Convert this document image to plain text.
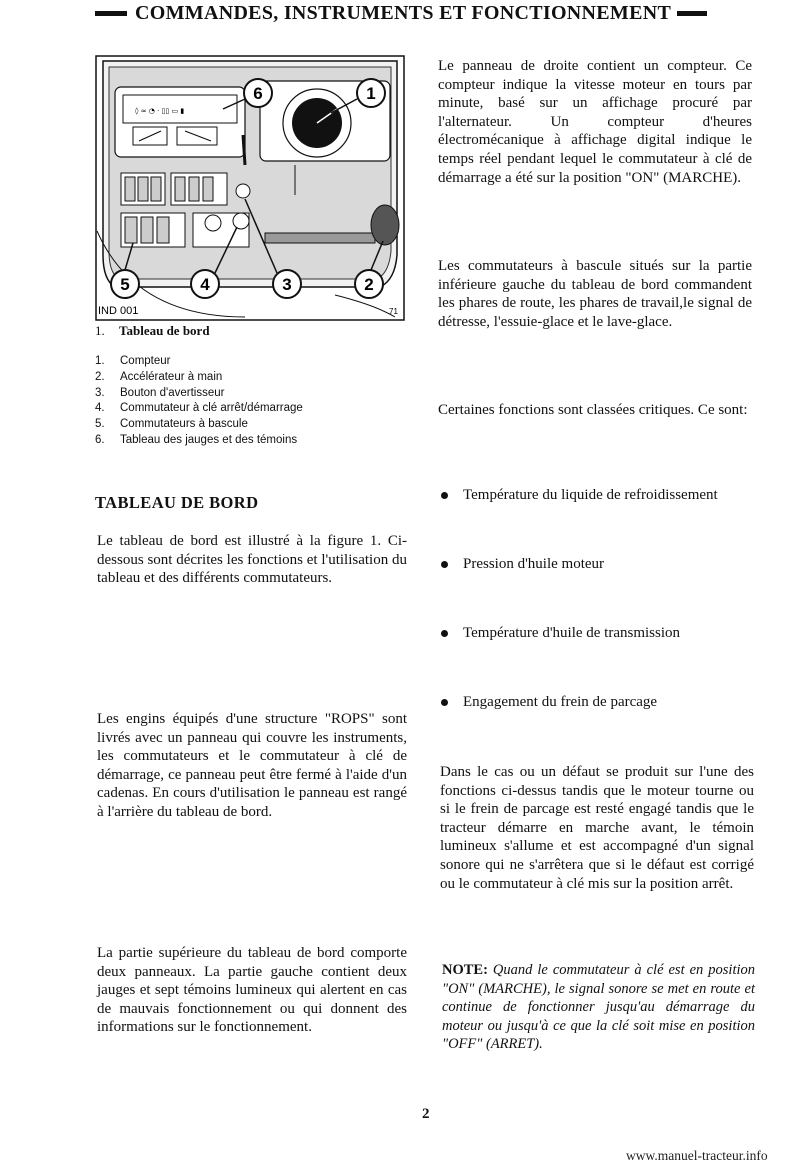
COMMANDES, INSTRUMENTS ET FONCTIONNEMENT
◊ ≈ ◔ · ▯▯ ▭ ▮
6	1
5	4	3	2
IND 001	71
1. Tableau de bord
1.	Compteur
2.	Accélérateur à main
3.	Bouton d'avertisseur
4.	Commutateur à clé arrêt/démarrage
5.	Commutateurs à bascule
6.	Tableau des jauges et des témoins
TABLEAU DE BORD

Le tableau de bord est illustré à la figure 1. Ci-dessous sont décrites les fonctions et l'utilisation du tableau et des différents commutateurs.

Les engins équipés d'une structure "ROPS" sont livrés avec un panneau qui couvre les instruments, les commutateurs et le commutateur à clé de démarrage, ce panneau peut être fermé à l'aide d'un cadenas. En cours d'utilisation le panneau est rangé à l'arrière du tableau de bord.

La partie supérieure du tableau de bord comporte deux panneaux. La partie gauche contient deux jauges et sept témoins lumineux qui alertent en cas de mauvais fonctionnement ou qui donnent des informations sur le fonctionnement.

Le panneau de droite contient un compteur. Ce compteur indique la vitesse moteur en tours par minute, basé sur un affichage procuré par l'alternateur. Un compteur d'heures électromécanique à affichage digital indique le temps réel pendant lequel le commutateur à clé de démarrage a été sur la position "ON" (MARCHE).

Les commutateurs à bascule situés sur la partie inférieure gauche du tableau de bord commandent les phares de route, les phares de travail,le signal de détresse, l'essuie-glace et le lave-glace.

Certaines fonctions sont classées critiques. Ce sont:

Température du liquide de refroidissement
Pression d'huile moteur
Température d'huile de transmission
Engagement du frein de parcage

Dans le cas ou un défaut se produit sur l'une des fonctions ci-dessus tandis que le moteur tourne ou si le frein de parcage est resté engagé tandis que le tracteur démarre en marche avant, le témoin lumineux s'allume et est accompagné d'un signal sonore qui ne s'arrêtera que si le défaut est corrigé ou le commutateur à clé mis sur la position arrêt.

NOTE: Quand le commutateur à clé est en position "ON" (MARCHE), le signal sonore se met en route et continue de fonctionner jusqu'au démarrage du moteur ou jusqu'à ce que la clé soit mise en position "OFF" (ARRET).

2
www.manuel-tracteur.info
